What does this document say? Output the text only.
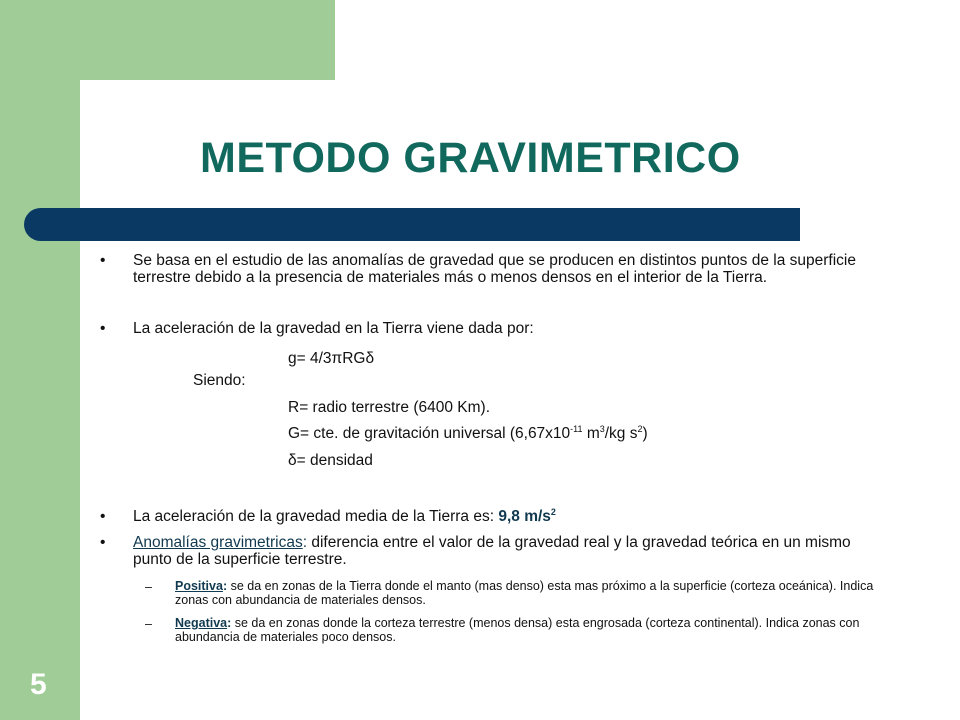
METODO GRAVIMETRICO
• Se basa en el estudio de las anomalías de gravedad que se producen en distintos puntos de la superficie terrestre debido a la presencia de materiales más o menos densos en el interior de la Tierra.
• La aceleración de la gravedad en la Tierra viene dada por:
g= 4/3πRGδ
Siendo:
R= radio terrestre (6400 Km).
G= cte. de gravitación universal ($6,67x10^{-11}$ $m^3/kg$ $s^2$)
δ= densidad
• La aceleración de la gravedad media de la Tierra es: 9,8 $m/s^2$
• Anomalías gravimetricas: diferencia entre el valor de la gravedad real y la gravedad teórica en un mismo punto de la superficie terrestre.
– Positiva: se da en zonas de la Tierra donde el manto (mas denso) esta mas próximo a la superficie (corteza oceánica). Indica zonas con abundancia de materiales densos.
– Negativa: se da en zonas donde la corteza terrestre (menos densa) esta engrosada (corteza continental). Indica zonas con abundancia de materiales poco densos.
5
